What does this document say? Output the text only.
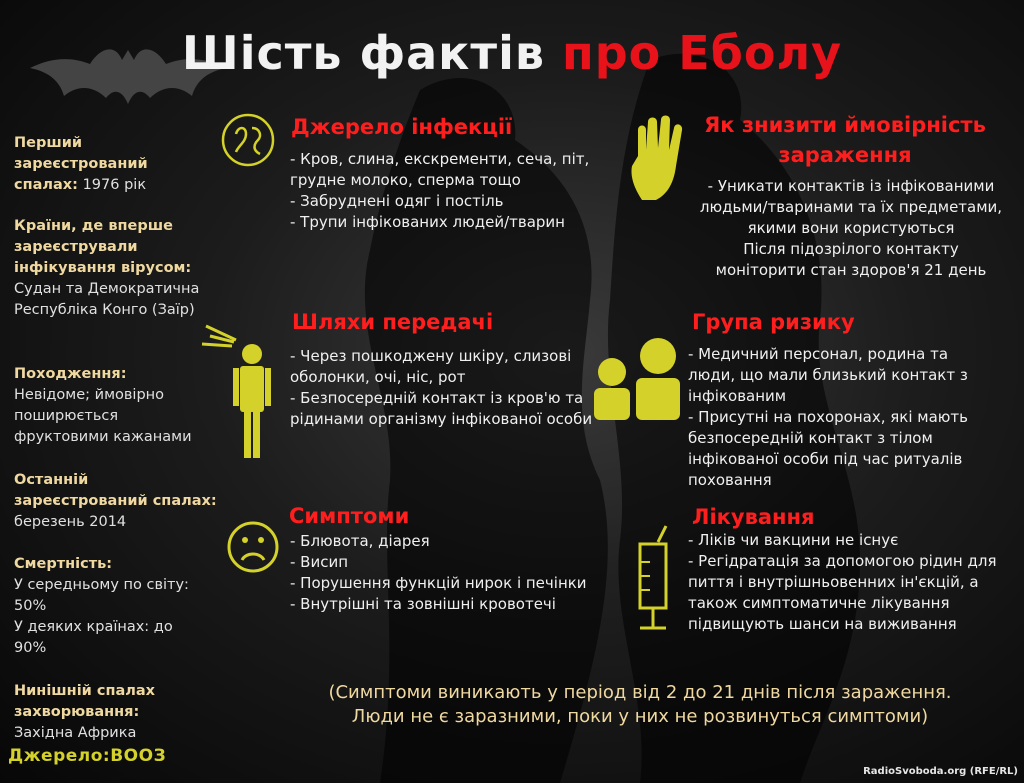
Шість фактів про Еболу
Перший зареєстрований спалах: 1976 рік
Країни, де вперше зареєстрували інфікування вірусом:
Судан та Демократична Республіка Конго (Заїр)
Походження:
Невідоме; ймовірно поширюється фруктовими кажанами
Останній зареєстрований спалах: березень 2014
Смертність:
У середньому по світу: 50%
У деяких країнах: до 90%
Нинішній спалах захворювання:
Західна Африка
Джерело:ВООЗ
Джерело інфекції
- Кров, слина, екскременти, сеча, піт, грудне молоко, сперма тощо
- Забруднені одяг і постіль
- Трупи інфікованих людей/тварин
Шляхи передачі
- Через пошкоджену шкіру, слизові оболонки, очі, ніс, рот
- Безпосередній контакт із кров'ю та рідинами організму інфікованої особи
Симптоми
- Блювота, діарея
- Висип
- Порушення функцій нирок і печінки
- Внутрішні та зовнішні кровотечі
Як знизити ймовірність зараження
- Уникати контактів із інфікованими людьми/тваринами та їх предметами, якими вони користуються
Після підозрілого контакту моніторити стан здоров'я 21 день
Група ризику
- Медичний персонал, родина та люди, що мали близький контакт з інфікованим
- Присутні на похоронах, які мають безпосередній контакт з тілом інфікованої особи під час ритуалів поховання
Лікування
- Ліків чи вакцини не існує
- Регідратація за допомогою рідин для пиття і внутрішньовенних ін'єкцій, а також симптоматичне лікування підвищують шанси на виживання
(Симптоми виникають у період від 2 до 21 днів після зараження.
Люди не є заразними, поки у них не розвинуться симптоми)
RadioSvoboda.org (RFE/RL)
